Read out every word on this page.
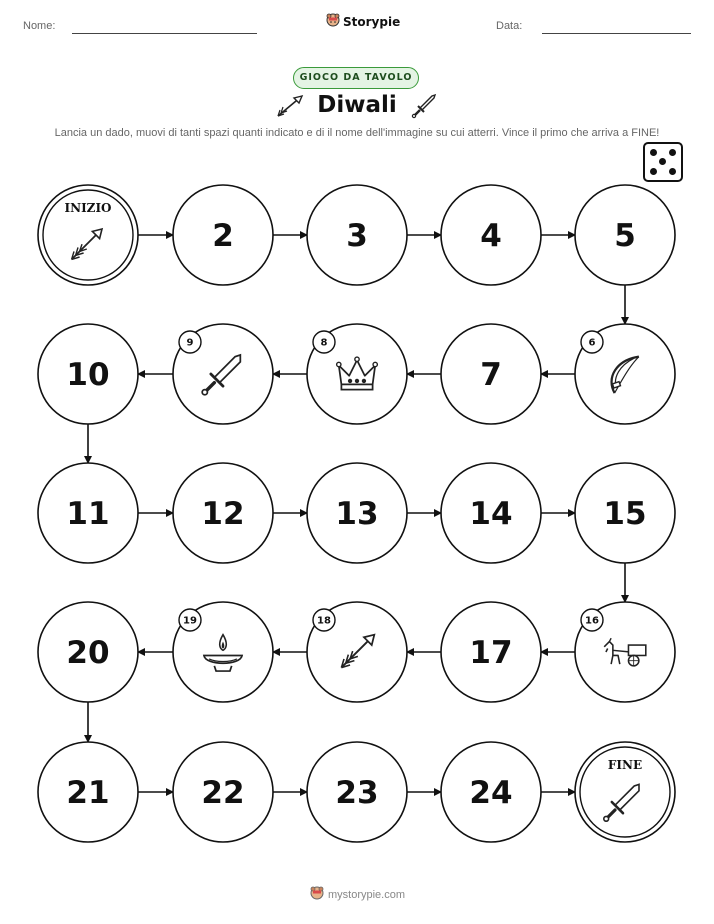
Nome:	Storypie	Data:
GIOCO DA TAVOLO
Diwali
Lancia un dado, muovi di tanti spazi quanti indicato e di il nome dell'immagine su cui atterri. Vince il primo che arriva a FINE!
INIZIO
2	3	4	5
6
7
8
9
10
11	12	13	14	15
16
17
18
19
20
21	22	23	24
FINE
mystorypie.com
